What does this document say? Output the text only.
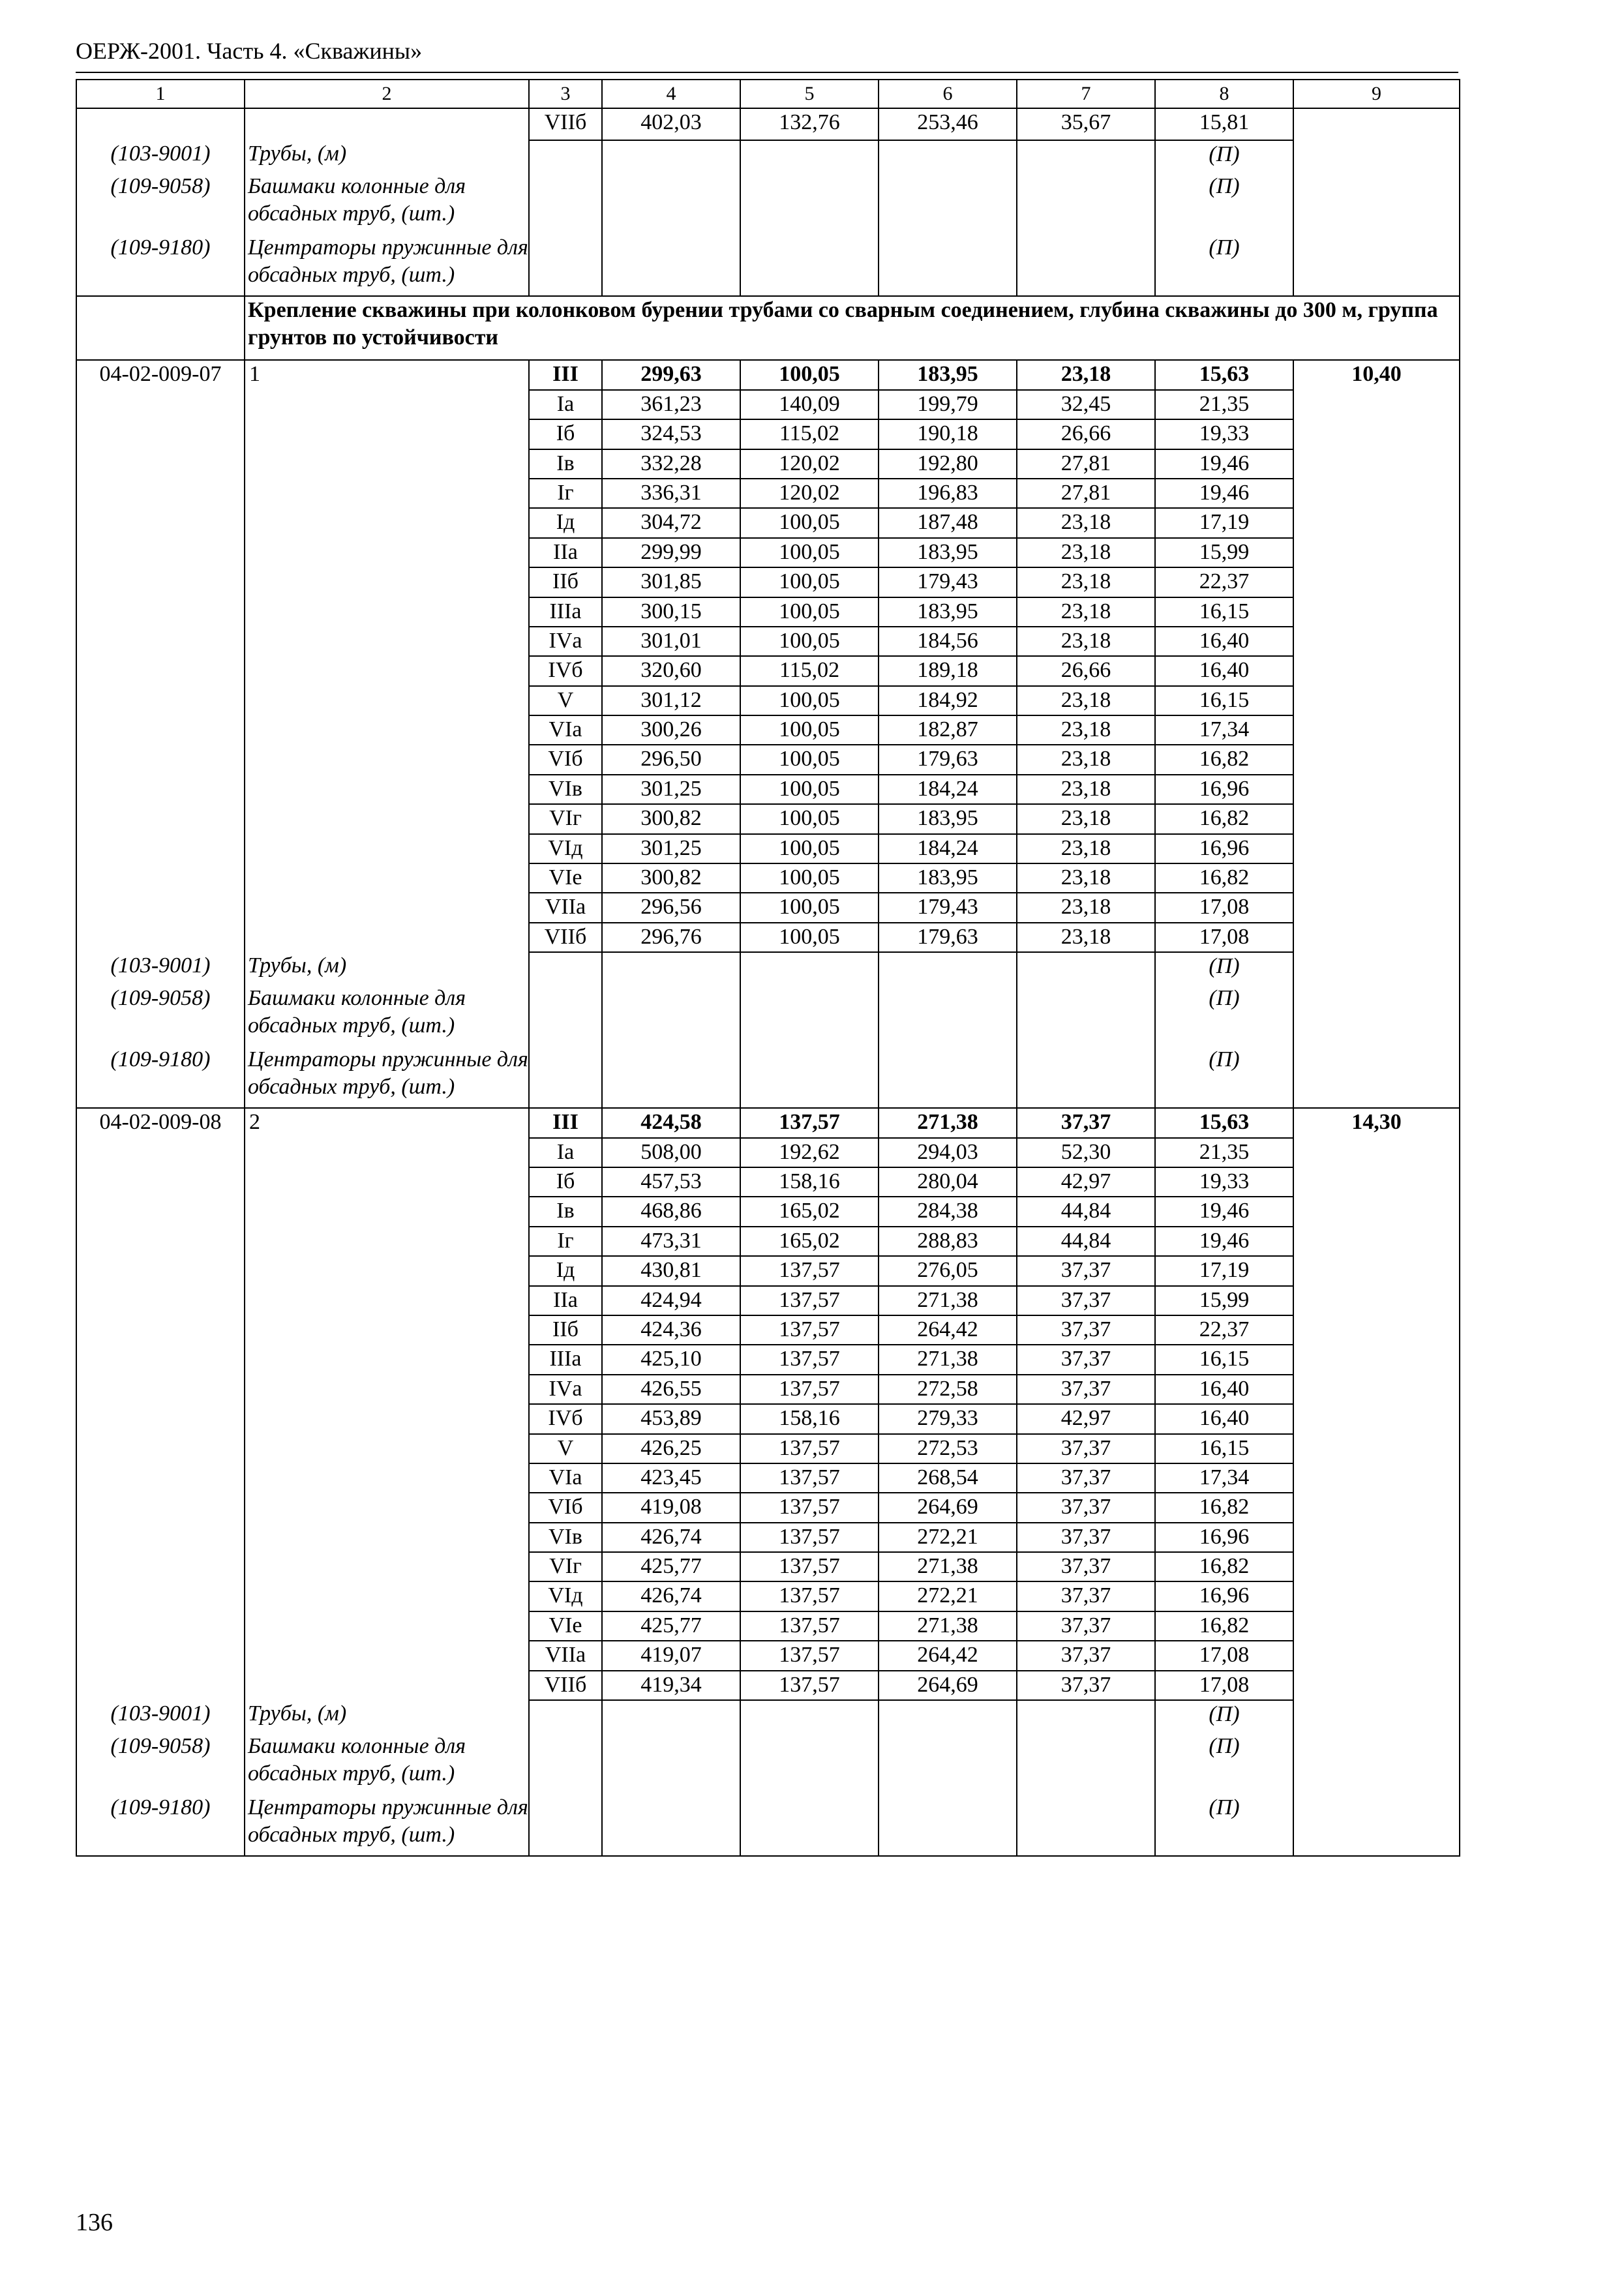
ОЕРЖ-2001. Часть 4. «Скважины»
1	2	3	4	5	6	7	8	9
		VIIб	402,03	132,76	253,46	35,67	15,81	
(103-9001)	Трубы, (м)						(П)	
(109-9058)	Башмаки колонные для обсадных труб, (шт.)						(П)	
(109-9180)	Центраторы пружинные для обсадных труб, (шт.)						(П)	
	Крепление скважины при колонковом бурении трубами со сварным соединением, глубина скважины до 300 м, группа грунтов по устойчивости							
04-02-009-07	1	III	299,63	100,05	183,95	23,18	15,63	10,40
		Iа	361,23	140,09	199,79	32,45	21,35	
		Iб	324,53	115,02	190,18	26,66	19,33	
		Iв	332,28	120,02	192,80	27,81	19,46	
		Iг	336,31	120,02	196,83	27,81	19,46	
		Iд	304,72	100,05	187,48	23,18	17,19	
		IIа	299,99	100,05	183,95	23,18	15,99	
		IIб	301,85	100,05	179,43	23,18	22,37	
		IIIа	300,15	100,05	183,95	23,18	16,15	
		IVа	301,01	100,05	184,56	23,18	16,40	
		IVб	320,60	115,02	189,18	26,66	16,40	
		V	301,12	100,05	184,92	23,18	16,15	
		VIа	300,26	100,05	182,87	23,18	17,34	
		VIб	296,50	100,05	179,63	23,18	16,82	
		VIв	301,25	100,05	184,24	23,18	16,96	
		VIг	300,82	100,05	183,95	23,18	16,82	
		VIд	301,25	100,05	184,24	23,18	16,96	
		VIе	300,82	100,05	183,95	23,18	16,82	
		VIIа	296,56	100,05	179,43	23,18	17,08	
		VIIб	296,76	100,05	179,63	23,18	17,08	
(103-9001)	Трубы, (м)						(П)	
(109-9058)	Башмаки колонные для обсадных труб, (шт.)						(П)	
(109-9180)	Центраторы пружинные для обсадных труб, (шт.)						(П)	
04-02-009-08	2	III	424,58	137,57	271,38	37,37	15,63	14,30
		Iа	508,00	192,62	294,03	52,30	21,35	
		Iб	457,53	158,16	280,04	42,97	19,33	
		Iв	468,86	165,02	284,38	44,84	19,46	
		Iг	473,31	165,02	288,83	44,84	19,46	
		Iд	430,81	137,57	276,05	37,37	17,19	
		IIа	424,94	137,57	271,38	37,37	15,99	
		IIб	424,36	137,57	264,42	37,37	22,37	
		IIIа	425,10	137,57	271,38	37,37	16,15	
		IVа	426,55	137,57	272,58	37,37	16,40	
		IVб	453,89	158,16	279,33	42,97	16,40	
		V	426,25	137,57	272,53	37,37	16,15	
		VIа	423,45	137,57	268,54	37,37	17,34	
		VIб	419,08	137,57	264,69	37,37	16,82	
		VIв	426,74	137,57	272,21	37,37	16,96	
		VIг	425,77	137,57	271,38	37,37	16,82	
		VIд	426,74	137,57	272,21	37,37	16,96	
		VIе	425,77	137,57	271,38	37,37	16,82	
		VIIа	419,07	137,57	264,42	37,37	17,08	
		VIIб	419,34	137,57	264,69	37,37	17,08	
(103-9001)	Трубы, (м)						(П)	
(109-9058)	Башмаки колонные для обсадных труб, (шт.)						(П)	
(109-9180)	Центраторы пружинные для обсадных труб, (шт.)						(П)	
136
